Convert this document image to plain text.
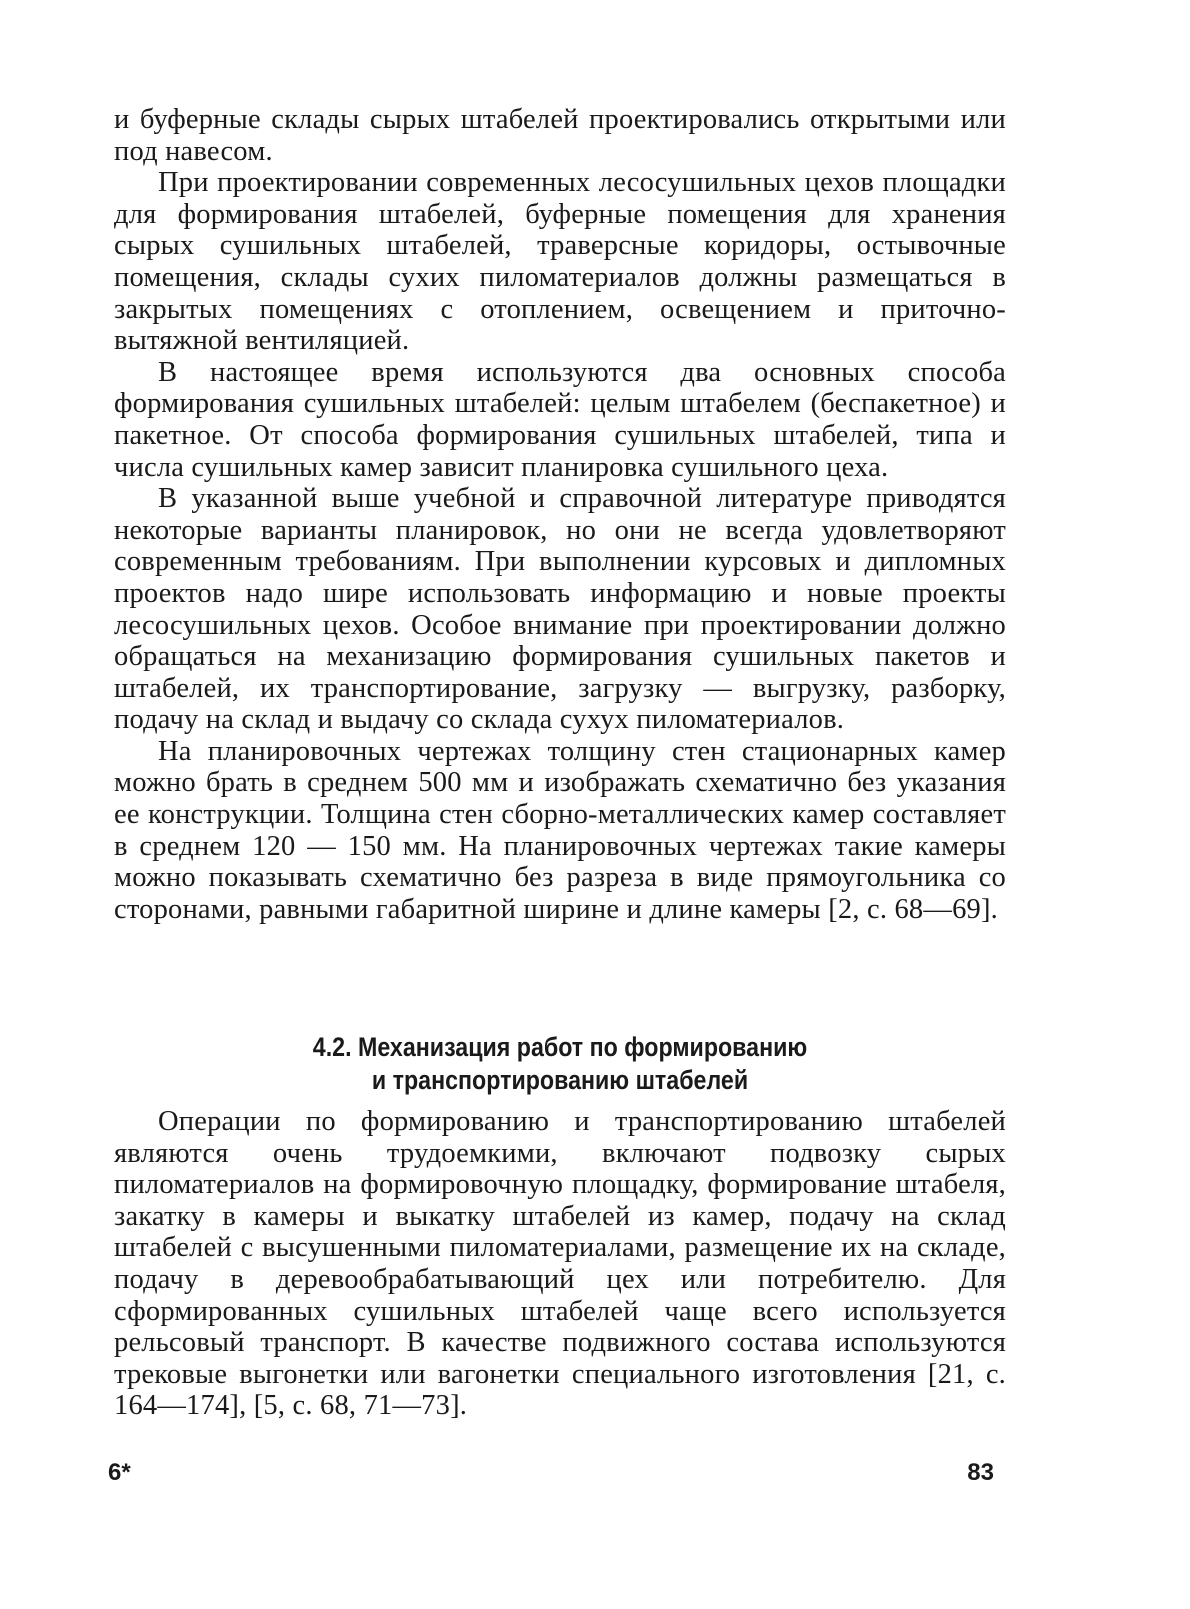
и буферные склады сырых штабелей проектировались открытыми или под навесом.

При проектировании современных лесосушильных цехов площадки для формирования штабелей, буферные помещения для хранения сырых сушильных штабелей, траверсные коридоры, остывочные помещения, склады сухих пиломатериалов должны размещаться в закрытых помещениях с отоплением, освещением и приточно-вытяжной вентиляцией.

В настоящее время используются два основных способа формирования сушильных штабелей: целым штабелем (беспакетное) и пакетное. От способа формирования сушильных штабелей, типа и числа сушильных камер зависит планировка сушильного цеха.

В указанной выше учебной и справочной литературе приводятся некоторые варианты планировок, но они не всегда удовлетворяют современным требованиям. При выполнении курсовых и дипломных проектов надо шире использовать информацию и новые проекты лесосушильных цехов. Особое внимание при проектировании должно обращаться на механизацию формирования сушильных пакетов и штабелей, их транспортирование, загрузку — выгрузку, разборку, подачу на склад и выдачу со склада сухух пиломатериалов.

На планировочных чертежах толщину стен стационарных камер можно брать в среднем 500 мм и изображать схематично без указания ее конструкции. Толщина стен сборно-металлических камер составляет в среднем 120 — 150 мм. На планировочных чертежах такие камеры можно показывать схематично без разреза в виде прямоугольника со сторонами, равными габаритной ширине и длине камеры [2, с. 68—69].

4.2. Механизация работ по формированию
и транспортированию штабелей

Операции по формированию и транспортированию штабелей являются очень трудоемкими, включают подвозку сырых пиломатериалов на формировочную площадку, формирование штабеля, закатку в камеры и выкатку штабелей из камер, подачу на склад штабелей с высушенными пиломатериалами, размещение их на складе, подачу в деревообрабатывающий цех или потребителю. Для сформированных сушильных штабелей чаще всего используется рельсовый транспорт. В качестве подвижного состава используются трековые выгонетки или вагонетки специального изготовления [21, с. 164—174], [5, с. 68, 71—73].

6*	83
